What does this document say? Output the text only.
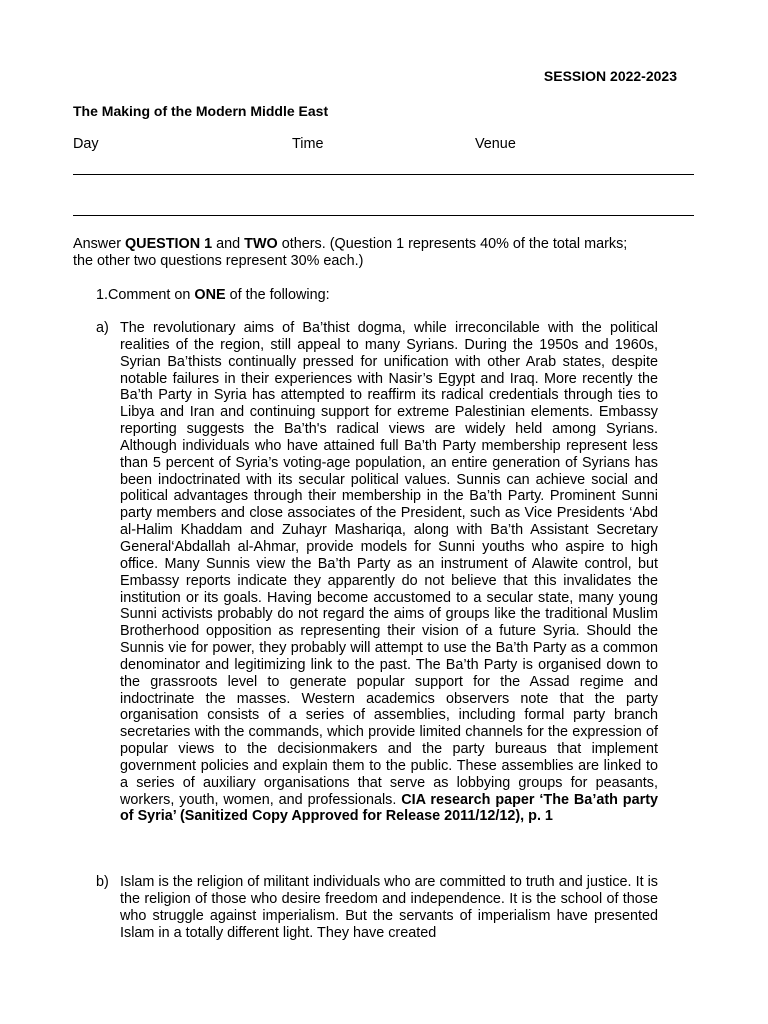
SESSION 2022-2023
The Making of the Modern Middle East
Day	Time	Venue
Answer QUESTION 1 and TWO others. (Question 1 represents 40% of the total marks; the other two questions represent 30% each.)
1.Comment on ONE of the following:
a) The revolutionary aims of Ba’thist dogma, while irreconcilable with the political realities of the region, still appeal to many Syrians. During the 1950s and 1960s, Syrian Ba’thists continually pressed for unification with other Arab states, despite notable failures in their experiences with Nasir’s Egypt and Iraq. More recently the Ba’th Party in Syria has attempted to reaffirm its radical credentials through ties to Libya and Iran and continuing support for extreme Palestinian elements. Embassy reporting suggests the Ba’th's radical views are widely held among Syrians. Although individuals who have attained full Ba’th Party membership represent less than 5 percent of Syria’s voting-age population, an entire generation of Syrians has been indoctrinated with its secular political values. Sunnis can achieve social and political advantages through their membership in the Ba’th Party. Prominent Sunni party members and close associates of the President, such as Vice Presidents ‘Abd al-Halim Khaddam and Zuhayr Mashariqa, along with Ba’th Assistant Secretary General‘Abdallah al-Ahmar, provide models for Sunni youths who aspire to high office. Many Sunnis view the Ba’th Party as an instrument of Alawite control, but Embassy reports indicate they apparently do not believe that this invalidates the institution or its goals. Having become accustomed to a secular state, many young Sunni activists probably do not regard the aims of groups like the traditional Muslim Brotherhood opposition as representing their vision of a future Syria. Should the Sunnis vie for power, they probably will attempt to use the Ba’th Party as a common denominator and legitimizing link to the past. The Ba’th Party is organised down to the grassroots level to generate popular support for the Assad regime and indoctrinate the masses. Western academics observers note that the party organisation consists of a series of assemblies, including formal party branch secretaries with the commands, which provide limited channels for the expression of popular views to the decisionmakers and the party bureaus that implement government policies and explain them to the public. These assemblies are linked to a series of auxiliary organisations that serve as lobbying groups for peasants, workers, youth, women, and professionals. CIA research paper ‘The Ba’ath party of Syria’ (Sanitized Copy Approved for Release 2011/12/12), p. 1
b) Islam is the religion of militant individuals who are committed to truth and justice. It is the religion of those who desire freedom and independence. It is the school of those who struggle against imperialism. But the servants of imperialism have presented Islam in a totally different light. They have created
